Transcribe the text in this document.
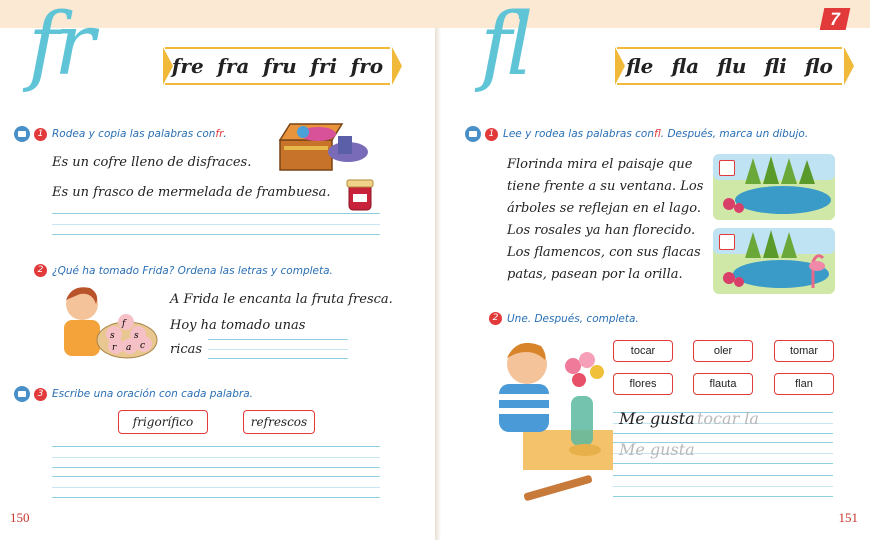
fr	fre fra fru fri fro
1 Rodea y copia las palabras con fr .
Es un cofre lleno de disfraces.
Es un frasco de mermelada de frambuesa.
2 ¿Qué ha tomado Frida? Ordena las letras y completa.
f
s
s
r a c
A Frida le encanta la fruta fresca.
Hoy ha tomado unas
ricas
3 Escribe una oración con cada palabra.
frigorífico	refrescos
150
7
fl	fle fla flu fli flo
1 Lee y rodea las palabras con fl . Después, marca un dibujo.
Florinda mira el paisaje que
tiene frente a su ventana. Los
árboles se reflejan en el lago.
Los rosales ya han florecido.
Los flamencos, con sus flacas
patas, pasean por la orilla.
2 Une. Después, completa.
tocar	oler	tomar
flores	flauta	flan
Me gusta tocar la
Me gusta
151
